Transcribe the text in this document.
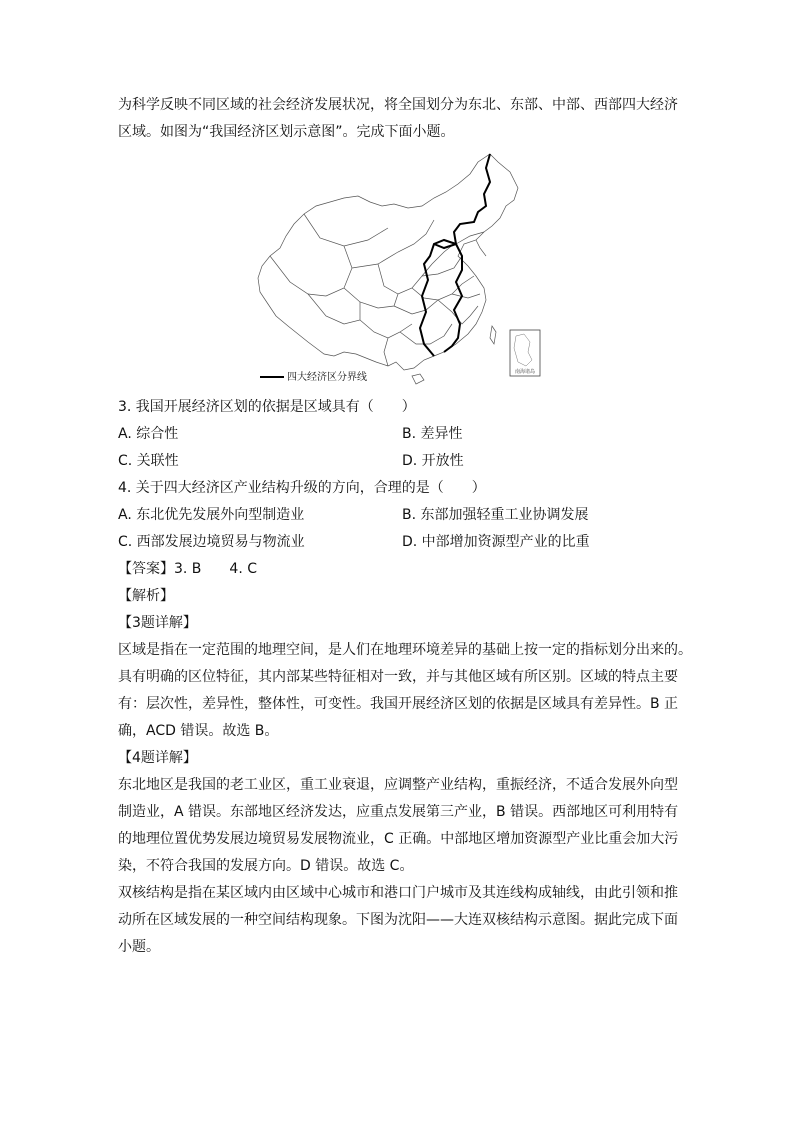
为科学反映不同区域的社会经济发展状况，将全国划分为东北、东部、中部、西部四大经济
区域。如图为“我国经济区划示意图”。完成下面小题。
南海诸岛
四大经济区分界线
3. 我国开展经济区划的依据是区域具有（　　）
A. 综合性	B. 差异性
C. 关联性	D. 开放性
4. 关于四大经济区产业结构升级的方向，合理的是（　　）
A. 东北优先发展外向型制造业	B. 东部加强轻重工业协调发展
C. 西部发展边境贸易与物流业	D. 中部增加资源型产业的比重
【答案】3. B　　4. C
【解析】
【3题详解】
区域是指在一定范围的地理空间，是人们在地理环境差异的基础上按一定的指标划分出来的。
具有明确的区位特征，其内部某些特征相对一致，并与其他区域有所区别。区域的特点主要
有：层次性，差异性，整体性，可变性。我国开展经济区划的依据是区域具有差异性。B 正
确，ACD 错误。故选 B。
【4题详解】
东北地区是我国的老工业区，重工业衰退，应调整产业结构，重振经济，不适合发展外向型
制造业，A 错误。东部地区经济发达，应重点发展第三产业，B 错误。西部地区可利用特有
的地理位置优势发展边境贸易发展物流业，C 正确。中部地区增加资源型产业比重会加大污
染，不符合我国的发展方向。D 错误。故选 C。
双核结构是指在某区域内由区域中心城市和港口门户城市及其连线构成轴线，由此引领和推
动所在区域发展的一种空间结构现象。下图为沈阳——大连双核结构示意图。据此完成下面
小题。
